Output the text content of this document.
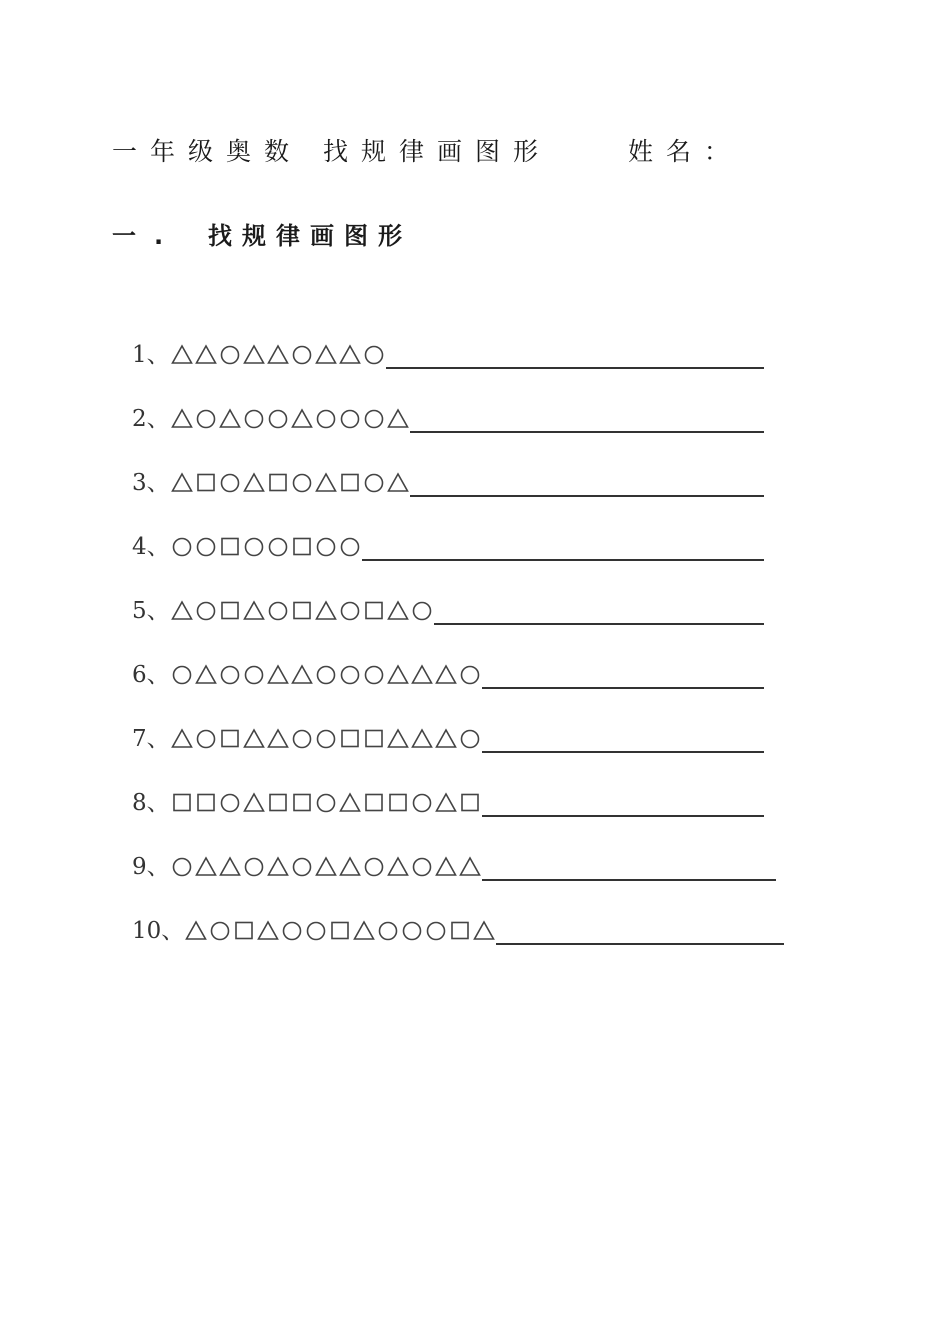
一年级奥数 找规律画图形	姓名：
一. 找规律画图形
1、
2、
3、
4、
5、
6、
7、
8、
9、
10、
